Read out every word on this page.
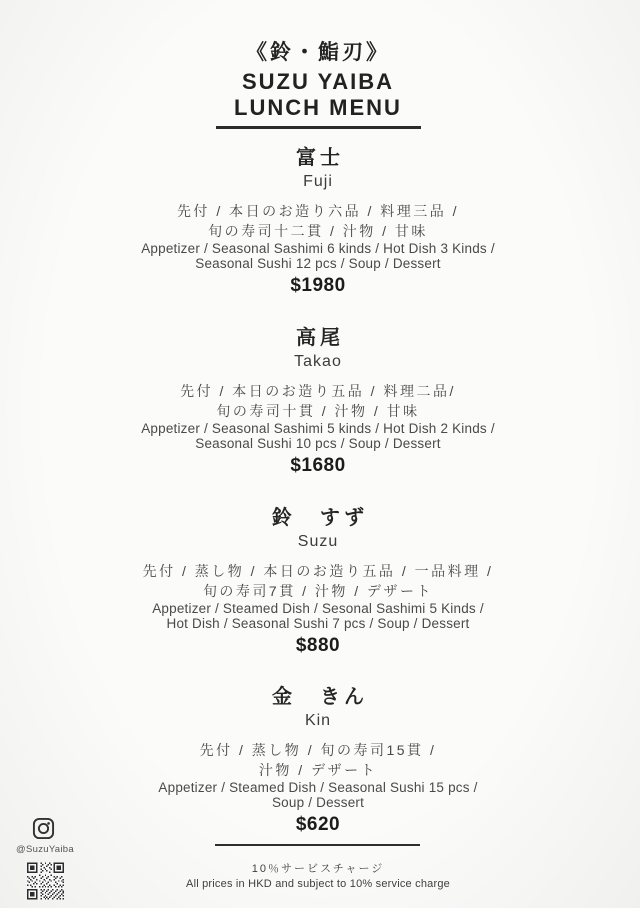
《鈴・鮨刃》
SUZU YAIBA
LUNCH MENU
富士
Fuji
先付 / 本日のお造り六品 / 料理三品 /
旬の寿司十二貫 / 汁物 / 甘味
Appetizer / Seasonal Sashimi 6 kinds / Hot Dish 3 Kinds /
Seasonal Sushi 12 pcs / Soup / Dessert
$1980
高尾
Takao
先付 / 本日のお造り五品 / 料理二品/
旬の寿司十貫 / 汁物 / 甘味
Appetizer / Seasonal Sashimi 5 kinds / Hot Dish 2 Kinds /
Seasonal Sushi 10 pcs / Soup / Dessert
$1680
鈴　すず
Suzu
先付 / 蒸し物 / 本日のお造り五品 / 一品料理 /
旬の寿司7貫 / 汁物 / デザート
Appetizer / Steamed Dish / Sesonal Sashimi 5 Kinds /
Hot Dish / Seasonal Sushi 7 pcs / Soup / Dessert
$880
金　きん
Kin
先付 / 蒸し物 / 旬の寿司15貫 /
汁物 / デザート
Appetizer / Steamed Dish / Seasonal Sushi 15 pcs /
Soup / Dessert
$620
10％サービスチャージ
All prices in HKD and subject to 10% service charge
@SuzuYaiba
